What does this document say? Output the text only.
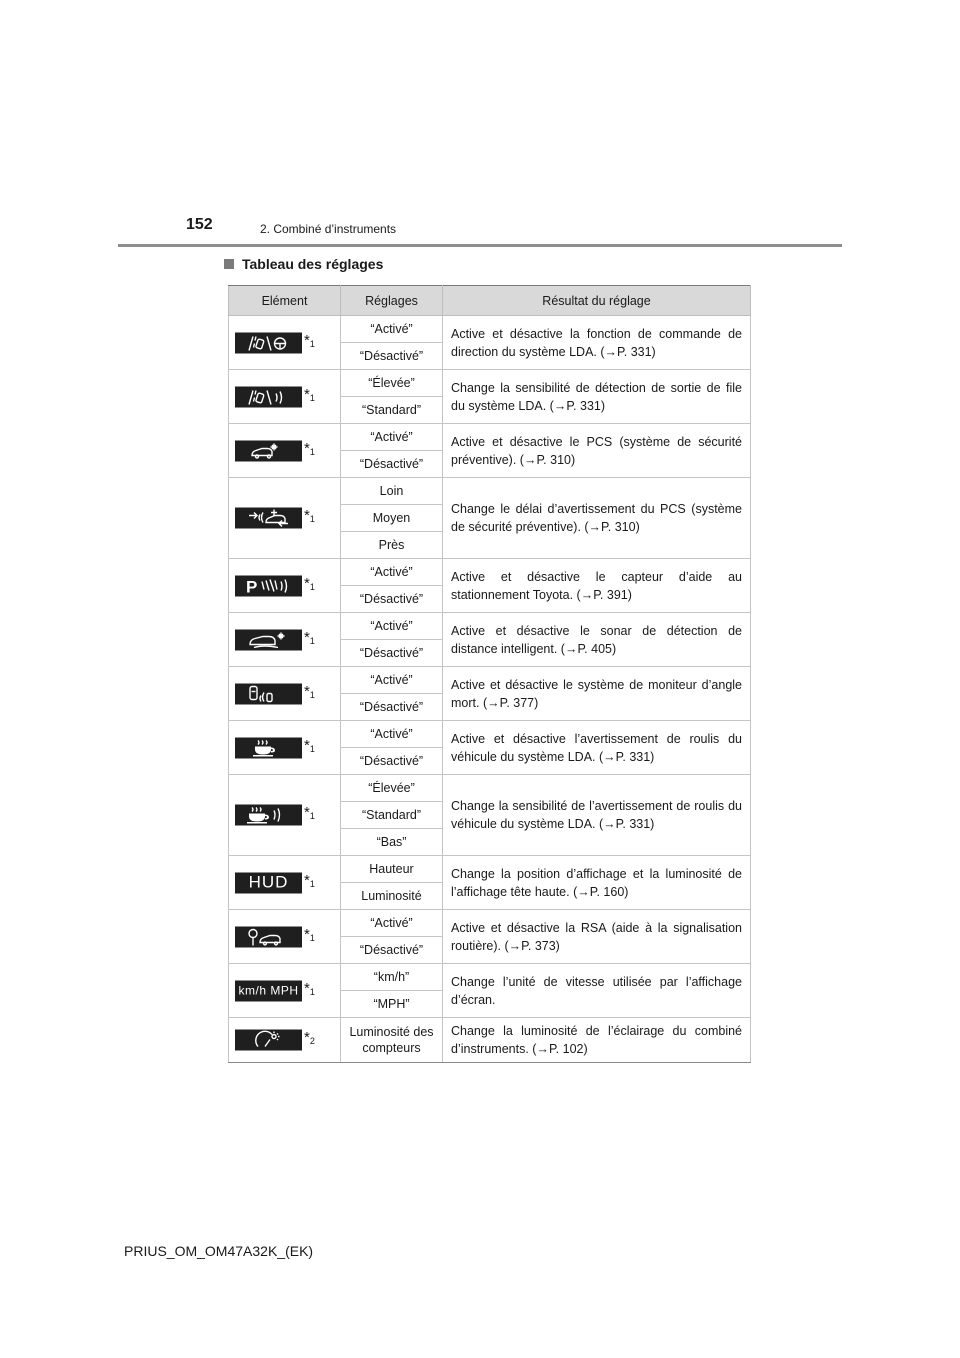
152	2. Combiné d’instruments
Tableau des réglages
Elément	Réglages	Résultat du réglage

$*_1$	“Activé”	Active et désactive la fonction de commande de direction du système LDA. (→P. 331)
	“Désactivé”	

$*_1$	“Élevée”	Change la sensibilité de détection de sortie de file du système LDA. (→P. 331)
	“Standard”	

$*_1$	“Activé”	Active et désactive le PCS (système de sécurité préventive). (→P. 310)
	“Désactivé”	

$*_1$	Loin	Change le délai d’avertissement du PCS (système de sécurité préventive). (→P. 310)
	Moyen	
	Près	

P $*_1$	“Activé”	Active et désactive le capteur d’aide au stationnement Toyota. (→P. 391)
	“Désactivé”	

$*_1$	“Activé”	Active et désactive le sonar de détection de distance intelligent. (→P. 405)
	“Désactivé”	

$*_1$	“Activé”	Active et désactive le système de moniteur d’angle mort. (→P. 377)
	“Désactivé”	

$*_1$	“Activé”	Active et désactive l’avertissement de roulis du véhicule du système LDA. (→P. 331)
	“Désactivé”	

$*_1$	“Élevée”	Change la sensibilité de l’avertissement de roulis du véhicule du système LDA. (→P. 331)
	“Standard”	
	“Bas”	

HUD $*_1$	Hauteur	Change la position d’affichage et la luminosité de l’affichage tête haute. (→P. 160)
	Luminosité	

$*_1$	“Activé”	Active et désactive la RSA (aide à la signalisation routière). (→P. 373)
	“Désactivé”	

km/h MPH $*_1$	“km/h”	Change l’unité de vitesse utilisée par l’affichage d’écran.
	“MPH”	

$*_2$	Luminosité des compteurs	Change la luminosité de l’éclairage du combiné d’instruments. (→P. 102)
PRIUS_OM_OM47A32K_(EK)
